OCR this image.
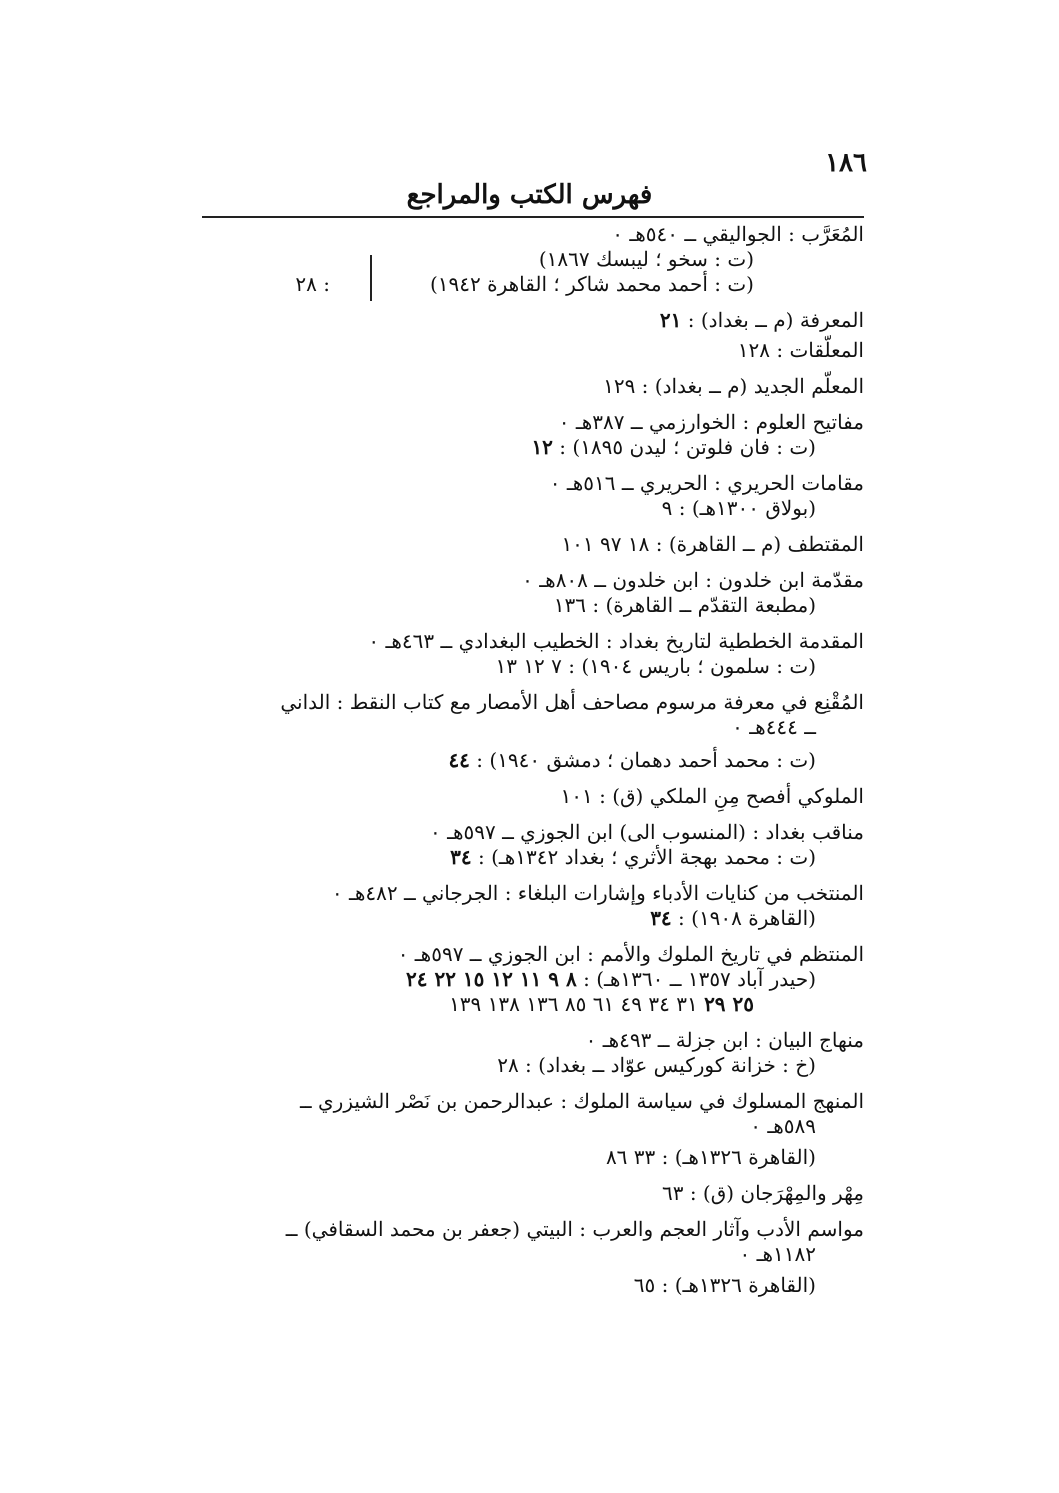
١٨٦
فهرس الكتب والمراجع
المُعَرَّب : الجواليقي ــ ٥٤٠هـ ٠
(ت : سخو ؛ ليبسك ١٨٦٧)
(ت : أحمد محمد شاكر ؛ القاهرة ١٩٤٢)
: ٢٨
المعرفة (م ــ بغداد) : ٢١
المعلّقات : ١٢٨
المعلّم الجديد (م ــ بغداد) : ١٢٩
مفاتيح العلوم : الخوارزمي ــ ٣٨٧هـ ٠
(ت : فان فلوتن ؛ ليدن ١٨٩٥) : ١٢
مقامات الحريري : الحريري ــ ٥١٦هـ ٠
(بولاق ١٣٠٠هـ) : ٩
المقتطف (م ــ القاهرة) : ١٨ ٩٧ ١٠١
مقدّمة ابن خلدون : ابن خلدون ــ ٨٠٨هـ ٠
(مطبعة التقدّم ــ القاهرة) : ١٣٦
المقدمة الخططية لتاريخ بغداد : الخطيب البغدادي ــ ٤٦٣هـ ٠
(ت : سلمون ؛ باريس ١٩٠٤) : ٧ ١٢ ١٣
المُقْنِع في معرفة مرسوم مصاحف أهل الأمصار مع كتاب النقط : الداني
ــ ٤٤٤هـ ٠
(ت : محمد أحمد دهمان ؛ دمشق ١٩٤٠) : ٤٤
الملوكي أفصح مِنِ الملكي (ق) : ١٠١
مناقب بغداد : (المنسوب الى) ابن الجوزي ــ ٥٩٧هـ ٠
(ت : محمد بهجة الأثري ؛ بغداد ١٣٤٢هـ) : ٣٤
المنتخب من كنايات الأدباء وإشارات البلغاء : الجرجاني ــ ٤٨٢هـ ٠
(القاهرة ١٩٠٨) : ٣٤
المنتظم في تاريخ الملوك والأمم : ابن الجوزي ــ ٥٩٧هـ ٠
(حيدر آباد ١٣٥٧ ــ ١٣٦٠هـ) : ٨ ٩ ١١ ١٢ ١٥ ٢٢ ٢٤
٢٥ ٢٩ ٣١ ٣٤ ٤٩ ٦١ ٨٥ ١٣٦ ١٣٨ ١٣٩
منهاج البيان : ابن جزلة ــ ٤٩٣هـ ٠
(خ : خزانة كوركيس عوّاد ــ بغداد) : ٢٨
المنهج المسلوك في سياسة الملوك : عبدالرحمن بن نَصْر الشيزري ــ
٥٨٩هـ ٠
(القاهرة ١٣٢٦هـ) : ٣٣ ٨٦
مِهْر والمِهْرَجان (ق) : ٦٣
مواسم الأدب وآثار العجم والعرب : البيتي (جعفر بن محمد السقافي) ــ
١١٨٢هـ ٠
(القاهرة ١٣٢٦هـ) : ٦٥
